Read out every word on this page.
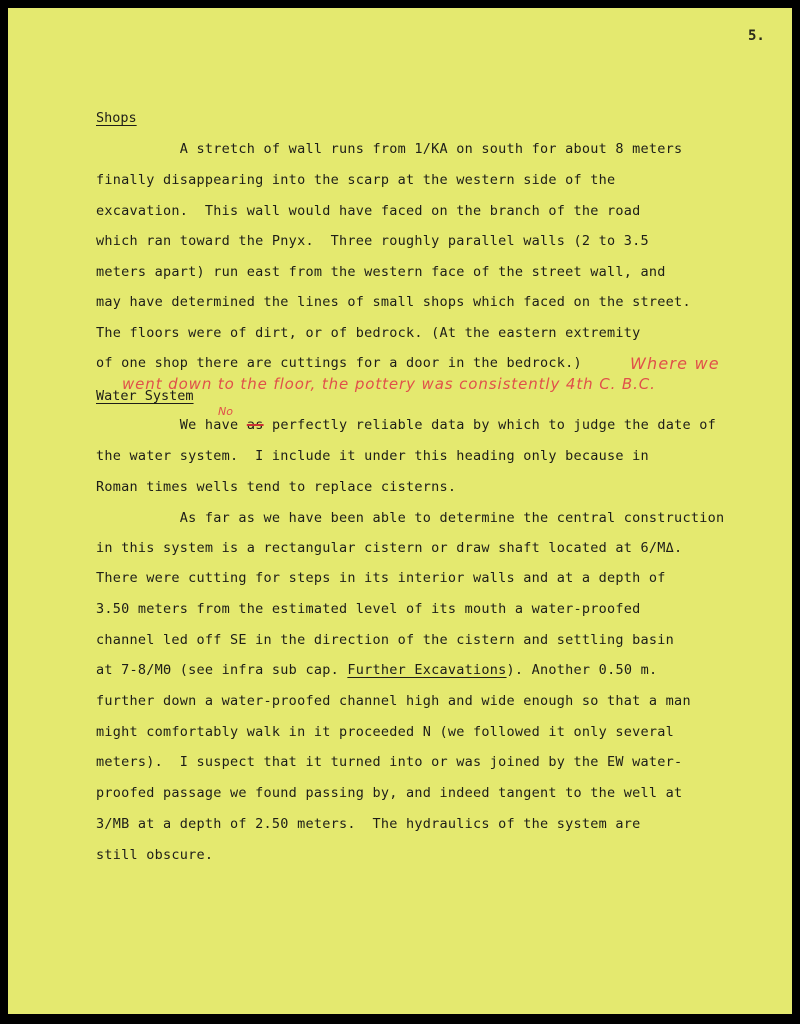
5.
Shops
A stretch of wall runs from 1/KA on south for about 8 meters
finally disappearing into the scarp at the western side of the
excavation.  This wall would have faced on the branch of the road
which ran toward the Pnyx.  Three roughly parallel walls (2 to 3.5
meters apart) run east from the western face of the street wall, and
may have determined the lines of small shops which faced on the street.
The floors were of dirt, or of bedrock. (At the eastern extremity
of one shop there are cuttings for a door in the bedrock.)	Where we
went down to the floor, the pottery was consistently 4th C. B.C.
Water System
No
We have as perfectly reliable data by which to judge the date of
the water system.  I include it under this heading only because in
Roman times wells tend to replace cisterns.
As far as we have been able to determine the central construction
in this system is a rectangular cistern or draw shaft located at 6/MΔ.
There were cutting for steps in its interior walls and at a depth of
3.50 meters from the estimated level of its mouth a water-proofed
channel led off SE in the direction of the cistern and settling basin
at 7-8/MΘ (see infra sub cap. Further Excavations). Another 0.50 m.
further down a water-proofed channel high and wide enough so that a man
might comfortably walk in it proceeded N (we followed it only several
meters).  I suspect that it turned into or was joined by the EW water-
proofed passage we found passing by, and indeed tangent to the well at
3/MB at a depth of 2.50 meters.  The hydraulics of the system are
still obscure.
